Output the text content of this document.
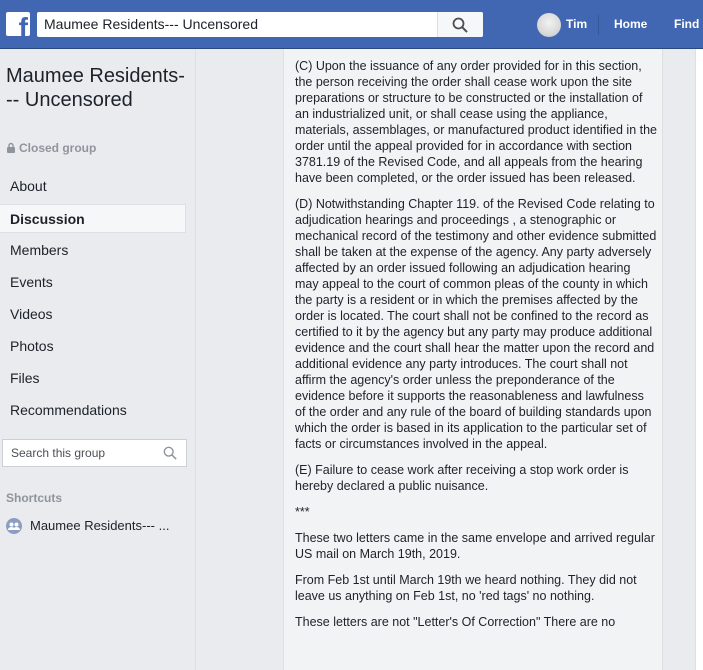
f Maumee Residents--- Uncensored	Tim Home Find
Maumee Residents--- Uncensored
Closed group
About
Discussion
Members
Events
Videos
Photos
Files
Recommendations
Search this group
Shortcuts
Maumee Residents--- ...

(C) Upon the issuance of any order provided for in this section, the person receiving the order shall cease work upon the site preparations or structure to be constructed or the installation of an industrialized unit, or shall cease using the appliance, materials, assemblages, or manufactured product identified in the order until the appeal provided for in accordance with section 3781.19 of the Revised Code, and all appeals from the hearing have been completed, or the order issued has been released.

(D) Notwithstanding Chapter 119. of the Revised Code relating to adjudication hearings and proceedings , a stenographic or mechanical record of the testimony and other evidence submitted shall be taken at the expense of the agency. Any party adversely affected by an order issued following an adjudication hearing may appeal to the court of common pleas of the county in which the party is a resident or in which the premises affected by the order is located. The court shall not be confined to the record as certified to it by the agency but any party may produce additional evidence and the court shall hear the matter upon the record and additional evidence any party introduces. The court shall not affirm the agency's order unless the preponderance of the evidence before it supports the reasonableness and lawfulness of the order and any rule of the board of building standards upon which the order is based in its application to the particular set of facts or circumstances involved in the appeal.

(E) Failure to cease work after receiving a stop work order is hereby declared a public nuisance.

***

These two letters came in the same envelope and arrived regular US mail on March 19th, 2019.

From Feb 1st until March 19th we heard nothing. They did not leave us anything on Feb 1st, no 'red tags' no nothing.

These letters are not "Letter's Of Correction" There are no
